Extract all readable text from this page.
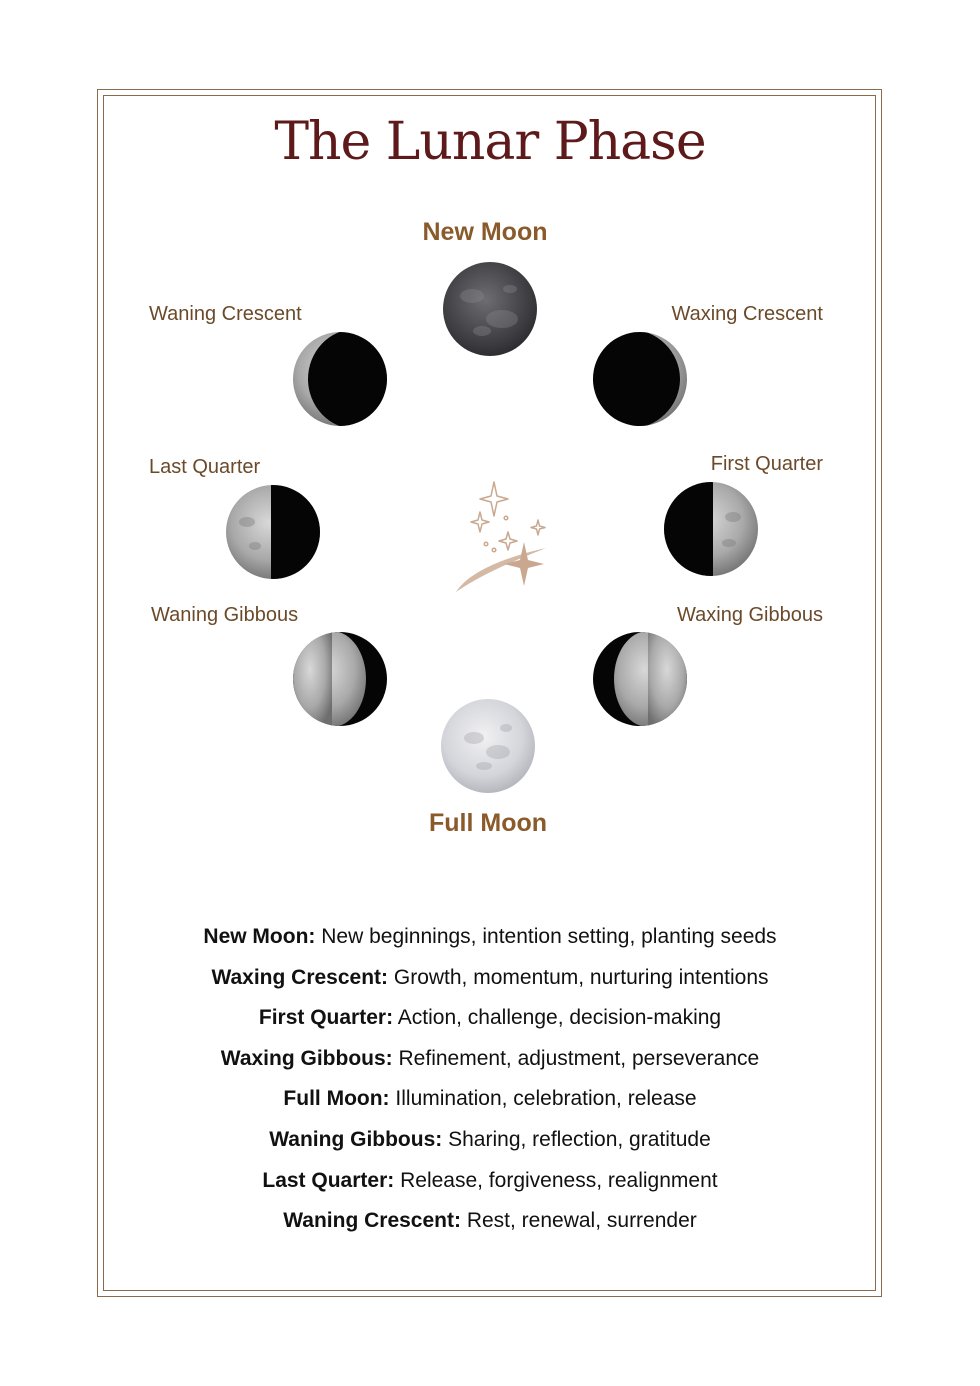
The Lunar Phase
New Moon
Full Moon
Waning Crescent	Waxing Crescent
Last Quarter	First Quarter
Waning Gibbous	Waxing Gibbous
New Moon: New beginnings, intention setting, planting seeds
Waxing Crescent: Growth, momentum, nurturing intentions
First Quarter: Action, challenge, decision-making
Waxing Gibbous: Refinement, adjustment, perseverance
Full Moon: Illumination, celebration, release
Waning Gibbous: Sharing, reflection, gratitude
Last Quarter: Release, forgiveness, realignment
Waning Crescent: Rest, renewal, surrender
